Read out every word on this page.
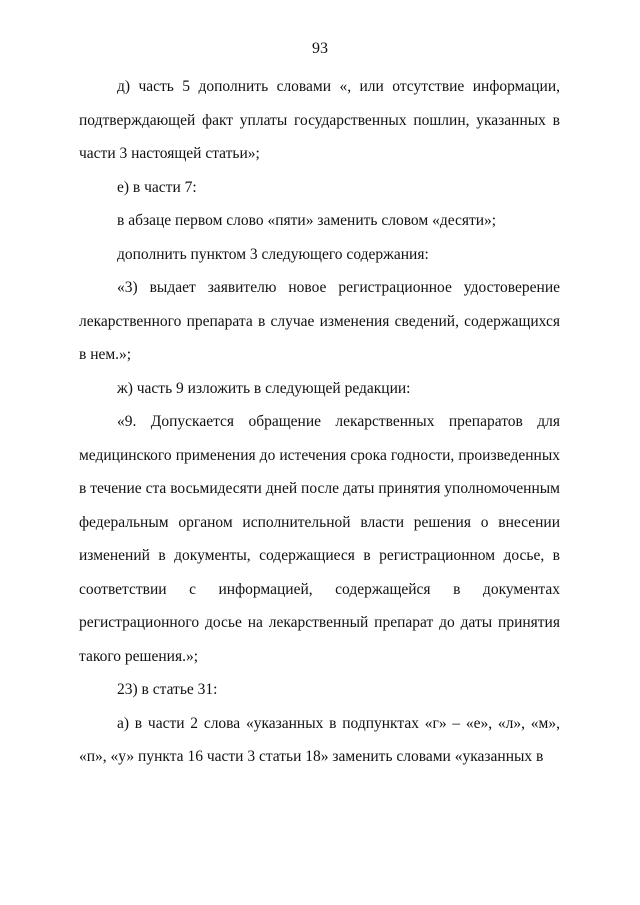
93

д) часть 5 дополнить словами «, или отсутствие информации, подтверждающей факт уплаты государственных пошлин, указанных в части 3 настоящей статьи»;

е) в части 7:

в абзаце первом слово «пяти» заменить словом «десяти»;

дополнить пунктом 3 следующего содержания:

«3) выдает заявителю новое регистрационное удостоверение лекарственного препарата в случае изменения сведений, содержащихся в нем.»;

ж) часть 9 изложить в следующей редакции:

«9. Допускается обращение лекарственных препаратов для медицинского применения до истечения срока годности, произведенных в течение ста восьмидесяти дней после даты принятия уполномоченным федеральным органом исполнительной власти решения о внесении изменений в документы, содержащиеся в регистрационном досье, в соответствии с информацией, содержащейся в документах регистрационного досье на лекарственный препарат до даты принятия такого решения.»;

23) в статье 31:

а) в части 2 слова «указанных в подпунктах «г» – «е», «л», «м», «п», «у» пункта 16 части 3 статьи 18» заменить словами «указанных в
